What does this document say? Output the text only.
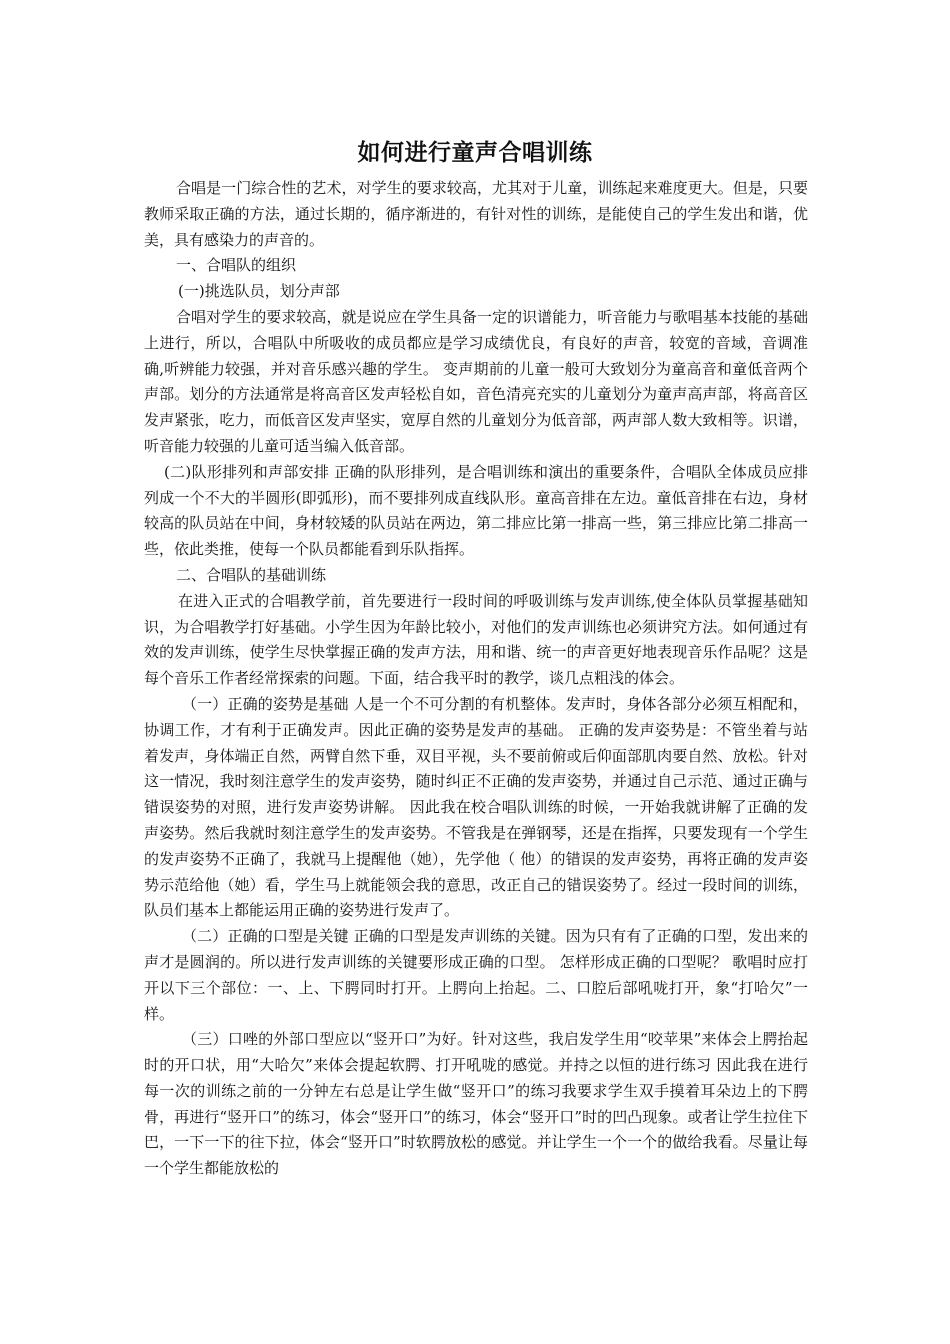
如何进行童声合唱训练

合唱是一门综合性的艺术，对学生的要求较高，尤其对于儿童，训练起来难度更大。但是，只要教师采取正确的方法，通过长期的，循序渐进的，有针对性的训练，是能使自己的学生发出和谐，优美，具有感染力的声音的。

一、合唱队的组织

(一)挑选队员，划分声部

合唱对学生的要求较高，就是说应在学生具备一定的识谱能力，听音能力与歌唱基本技能的基础上进行，所以，合唱队中所吸收的成员都应是学习成绩优良，有良好的声音，较宽的音域，音调准确,听辨能力较强，并对音乐感兴趣的学生。 变声期前的儿童一般可大致划分为童高音和童低音两个声部。划分的方法通常是将高音区发声轻松自如，音色清亮充实的儿童划分为童声高声部，将高音区发声紧张，吃力，而低音区发声坚实，宽厚自然的儿童划分为低音部，两声部人数大致相等。识谱，听音能力较强的儿童可适当编入低音部。

(二)队形排列和声部安排 正确的队形排列，是合唱训练和演出的重要条件，合唱队全体成员应排列成一个不大的半圆形(即弧形)，而不要排列成直线队形。童高音排在左边。童低音排在右边，身材较高的队员站在中间，身材较矮的队员站在两边，第二排应比第一排高一些，第三排应比第二排高一些，依此类推，使每一个队员都能看到乐队指挥。

二、合唱队的基础训练

在进入正式的合唱教学前，首先要进行一段时间的呼吸训练与发声训练,使全体队员掌握基础知识，为合唱教学打好基础。小学生因为年龄比较小，对他们的发声训练也必须讲究方法。如何通过有效的发声训练，使学生尽快掌握正确的发声方法，用和谐、统一的声音更好地表现音乐作品呢？这是每个音乐工作者经常探索的问题。下面，结合我平时的教学，谈几点粗浅的体会。

（一）正确的姿势是基础 人是一个不可分割的有机整体。发声时，身体各部分必须互相配和，协调工作，才有利于正确发声。因此正确的姿势是发声的基础。 正确的发声姿势是：不管坐着与站着发声，身体端正自然，两臂自然下垂，双目平视，头不要前俯或后仰面部肌肉要自然、放松。针对这一情况，我时刻注意学生的发声姿势，随时纠正不正确的发声姿势，并通过自己示范、通过正确与错误姿势的对照，进行发声姿势讲解。 因此我在校合唱队训练的时候，一开始我就讲解了正确的发声姿势。然后我就时刻注意学生的发声姿势。不管我是在弹钢琴，还是在指挥，只要发现有一个学生的发声姿势不正确了，我就马上提醒他（她），先学他（ 他）的错误的发声姿势，再将正确的发声姿势示范给他（她）看，学生马上就能领会我的意思，改正自己的错误姿势了。经过一段时间的训练，队员们基本上都能运用正确的姿势进行发声了。

（二）正确的口型是关键 正确的口型是发声训练的关键。因为只有有了正确的口型，发出来的声才是圆润的。所以进行发声训练的关键要形成正确的口型。 怎样形成正确的口型呢？ 歌唱时应打开以下三个部位：一、上、下腭同时打开。上腭向上抬起。二、口腔后部吼咙打开，象“打哈欠”一样。

（三）口唑的外部口型应以“竖开口”为好。针对这些，我启发学生用“咬苹果”来体会上腭抬起时的开口状，用“大哈欠”来体会提起软腭、打开吼咙的感觉。并持之以恒的进行练习 因此我在进行每一次的训练之前的一分钟左右总是让学生做“竖开口”的练习我要求学生双手摸着耳朵边上的下腭骨，再进行“竖开口”的练习，体会“竖开口”的练习，体会“竖开口”时的凹凸现象。或者让学生拉住下巴，一下一下的往下拉，体会“竖开口”时软腭放松的感觉。并让学生一个一个的做给我看。尽量让每一个学生都能放松的
